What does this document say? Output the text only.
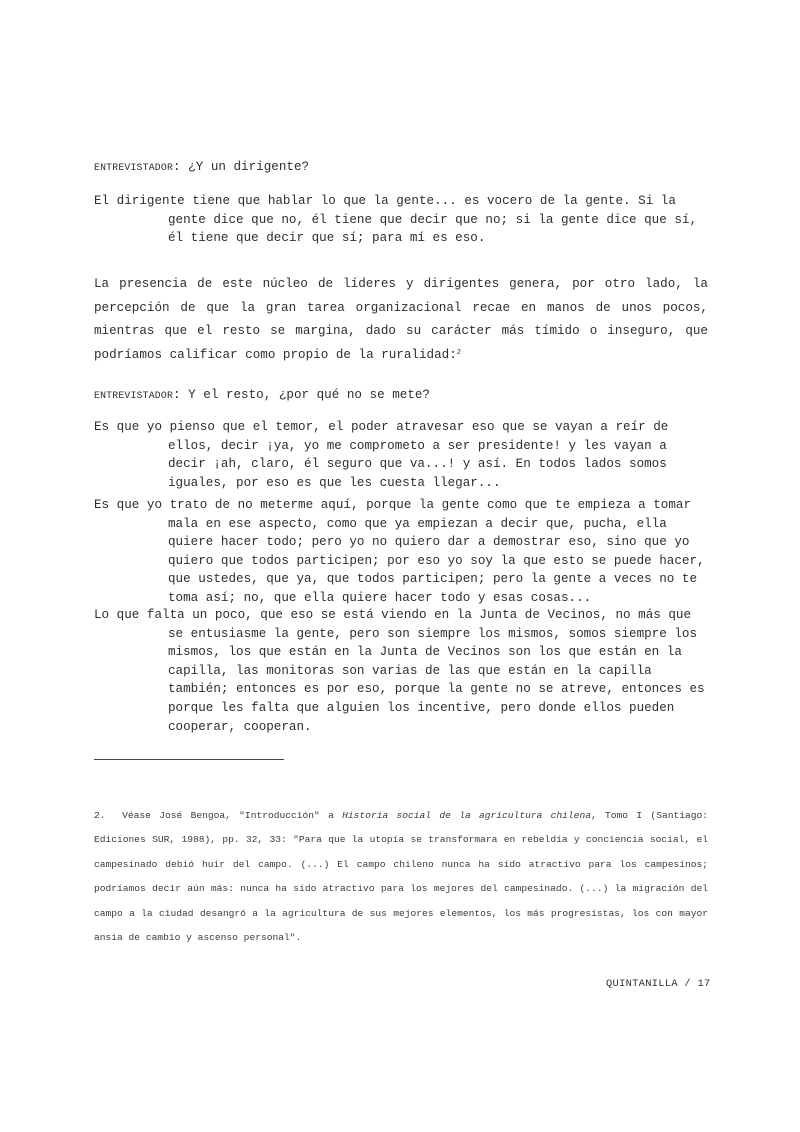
ENTREVISTADOR: ¿Y un dirigente?

El dirigente tiene que hablar lo que la gente... es vocero de la gente. Si la gente dice que no, él tiene que decir que no; si la gente dice que sí, él tiene que decir que sí; para mí es eso.

La presencia de este núcleo de líderes y dirigentes genera, por otro lado, la percepción de que la gran tarea organizacional recae en manos de unos pocos, mientras que el resto se margina, dado su carácter más tímido o inseguro, que podríamos calificar como propio de la ruralidad:$^2$

ENTREVISTADOR: Y el resto, ¿por qué no se mete?

Es que yo pienso que el temor, el poder atravesar eso que se vayan a reír de ellos, decir ¡ya, yo me comprometo a ser presidente! y les vayan a decir ¡ah, claro, él seguro que va...! y así. En todos lados somos iguales, por eso es que les cuesta llegar...

Es que yo trato de no meterme aquí, porque la gente como que te empieza a tomar mala en ese aspecto, como que ya empiezan a decir que, pucha, ella quiere hacer todo; pero yo no quiero dar a demostrar eso, sino que yo quiero que todos participen; por eso yo soy la que esto se puede hacer, que ustedes, que ya, que todos participen; pero la gente a veces no te toma así; no, que ella quiere hacer todo y esas cosas...

Lo que falta un poco, que eso se está viendo en la Junta de Vecinos, no más que se entusiasme la gente, pero son siempre los mismos, somos siempre los mismos, los que están en la Junta de Vecinos son los que están en la capilla, las monitoras son varias de las que están en la capilla también; entonces es por eso, porque la gente no se atreve, entonces es porque les falta que alguien los incentive, pero donde ellos pueden cooperar, cooperan.

2. Véase José Bengoa, "Introducción" a Historia social de la agricultura chilena, Tomo I (Santiago: Ediciones SUR, 1988), pp. 32, 33: "Para que la utopía se transformara en rebeldía y conciencia social, el campesinado debió huir del campo. (...) El campo chileno nunca ha sido atractivo para los campesinos; podríamos decir aún más: nunca ha sido atractivo para los mejores del campesinado. (...) la migración del campo a la ciudad desangró a la agricultura de sus mejores elementos, los más progresistas, los con mayor ansia de cambio y ascenso personal".
QUINTANILLA / 17
